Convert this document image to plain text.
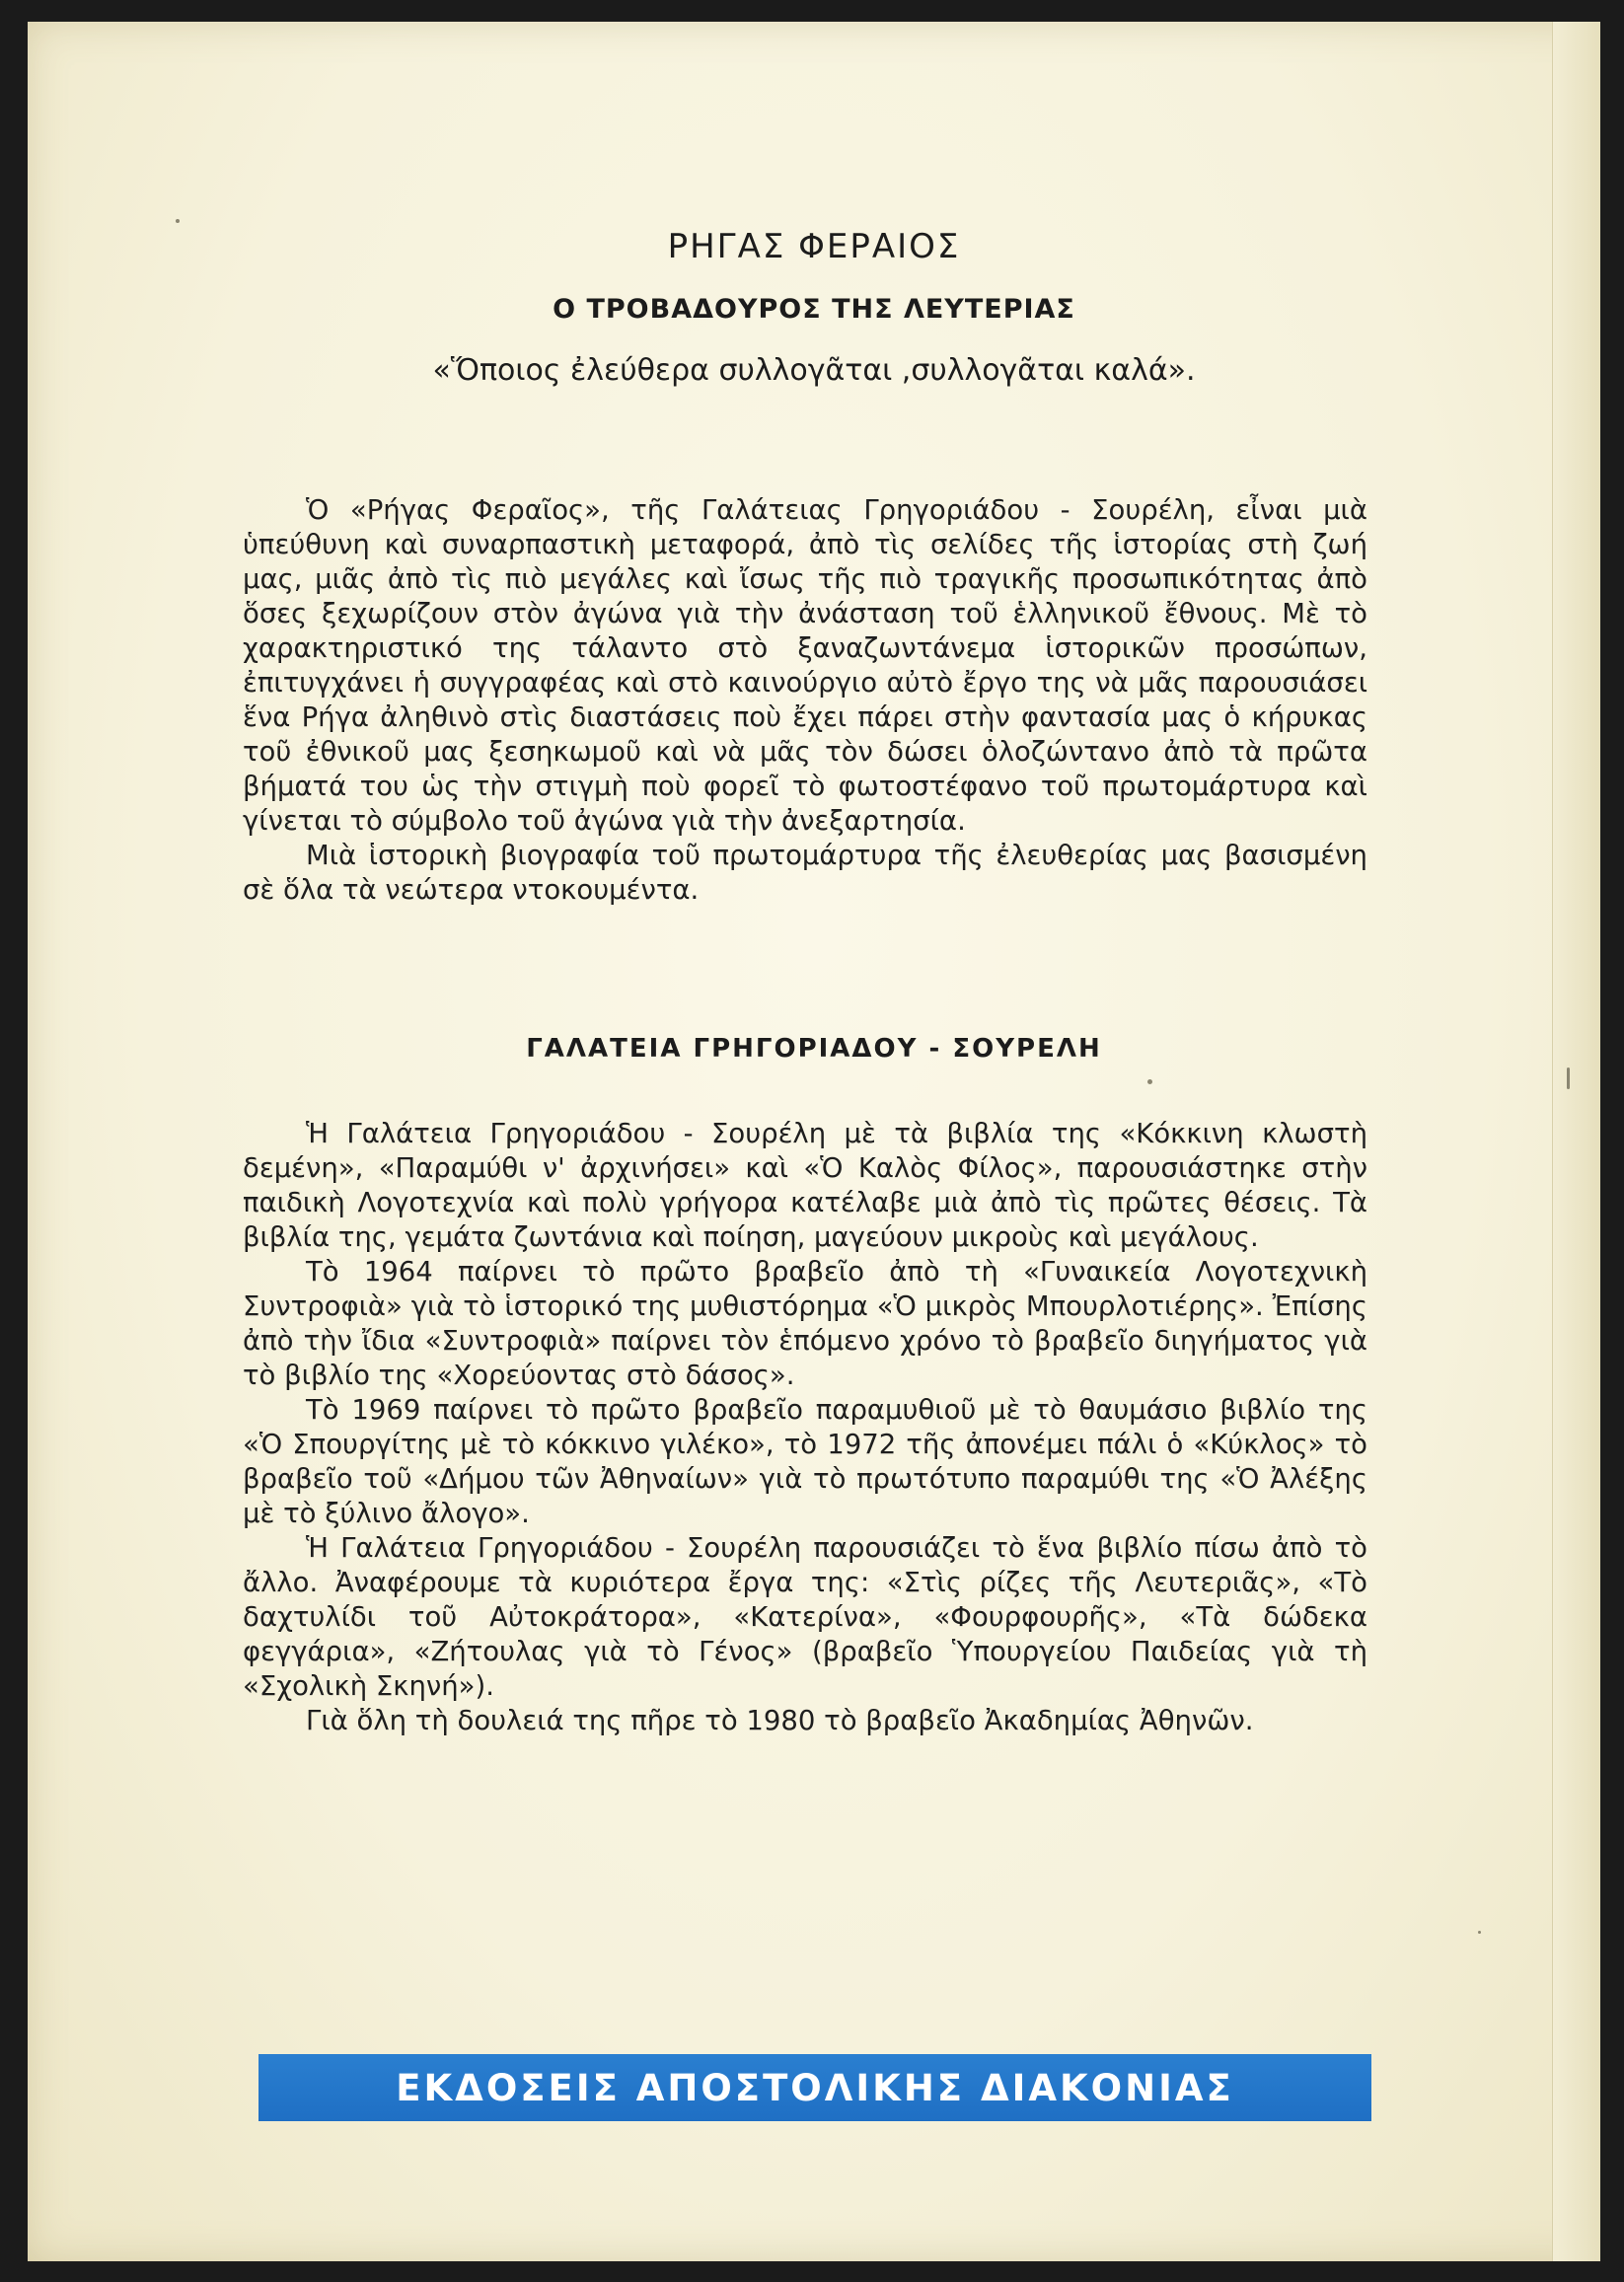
ΡΗΓΑΣ ΦΕΡΑΙΟΣ
Ο ΤΡΟΒΑΔΟΥΡΟΣ ΤΗΣ ΛΕΥΤΕΡΙΑΣ
«Ὅποιος ἐλεύθερα συλλογᾶται ,συλλογᾶται καλά».

Ὁ «Ρήγας Φεραῖος», τῆς Γαλάτειας Γρηγοριάδου - Σουρέλη, εἶναι μιὰ ὑπεύθυνη καὶ συναρπαστικὴ μεταφορά, ἀπὸ τὶς σελίδες τῆς ἱστορίας στὴ ζωή μας, μιᾶς ἀπὸ τὶς πιὸ μεγάλες καὶ ἴσως τῆς πιὸ τραγικῆς προσωπικότητας ἀπὸ ὅσες ξεχωρίζουν στὸν ἀγώνα γιὰ τὴν ἀνάσταση τοῦ ἑλληνικοῦ ἔθνους. Μὲ τὸ χαρακτηριστικό της τάλαντο στὸ ξαναζωντάνεμα ἱστορικῶν προσώπων, ἐπιτυγχάνει ἡ συγγραφέας καὶ στὸ καινούργιο αὐτὸ ἔργο της νὰ μᾶς παρουσιάσει ἕνα Ρήγα ἀληθινὸ στὶς διαστάσεις ποὺ ἔχει πάρει στὴν φαντασία μας ὁ κήρυκας τοῦ ἐθνικοῦ μας ξεσηκωμοῦ καὶ νὰ μᾶς τὸν δώσει ὁλοζώντανο ἀπὸ τὰ πρῶτα βήματά του ὡς τὴν στιγμὴ ποὺ φορεῖ τὸ φωτοστέφανο τοῦ πρωτομάρτυρα καὶ γίνεται τὸ σύμβολο τοῦ ἀγώνα γιὰ τὴν ἀνεξαρτησία.

Μιὰ ἱστορικὴ βιογραφία τοῦ πρωτομάρτυρα τῆς ἐλευθερίας μας βασισμένη σὲ ὅλα τὰ νεώτερα ντοκουμέντα.

ΓΑΛΑΤΕΙΑ ΓΡΗΓΟΡΙΑΔΟΥ - ΣΟΥΡΕΛΗ

Ἡ Γαλάτεια Γρηγοριάδου - Σουρέλη μὲ τὰ βιβλία της «Κόκκινη κλωστὴ δεμένη», «Παραμύθι ν' ἀρχινήσει» καὶ «Ὁ Καλὸς Φίλος», παρουσιάστηκε στὴν παιδικὴ Λογοτεχνία καὶ πολὺ γρήγορα κατέλαβε μιὰ ἀπὸ τὶς πρῶτες θέσεις. Τὰ βιβλία της, γεμάτα ζωντάνια καὶ ποίηση, μαγεύουν μικροὺς καὶ μεγάλους.

Τὸ 1964 παίρνει τὸ πρῶτο βραβεῖο ἀπὸ τὴ «Γυναικεία Λογοτεχνικὴ Συντροφιὰ» γιὰ τὸ ἱστορικό της μυθιστόρημα «Ὁ μικρὸς Μπουρλοτιέρης». Ἐπίσης ἀπὸ τὴν ἴδια «Συντροφιὰ» παίρνει τὸν ἑπόμενο χρόνο τὸ βραβεῖο διηγήματος γιὰ τὸ βιβλίο της «Χορεύοντας στὸ δάσος».

Τὸ 1969 παίρνει τὸ πρῶτο βραβεῖο παραμυθιοῦ μὲ τὸ θαυμάσιο βιβλίο της «Ὁ Σπουργίτης μὲ τὸ κόκκινο γιλέκο», τὸ 1972 τῆς ἀπονέμει πάλι ὁ «Κύκλος» τὸ βραβεῖο τοῦ «Δήμου τῶν Ἀθηναίων» γιὰ τὸ πρωτότυπο παραμύθι της «Ὁ Ἀλέξης μὲ τὸ ξύλινο ἄλογο».

Ἡ Γαλάτεια Γρηγοριάδου - Σουρέλη παρουσιάζει τὸ ἕνα βιβλίο πίσω ἀπὸ τὸ ἄλλο. Ἀναφέρουμε τὰ κυριότερα ἔργα της: «Στὶς ρίζες τῆς Λευτεριᾶς», «Τὸ δαχτυλίδι τοῦ Αὐτοκράτορα», «Κατερίνα», «Φουρφουρῆς», «Τὰ δώδεκα φεγγάρια», «Ζήτουλας γιὰ τὸ Γένος» (βραβεῖο Ὑπουργείου Παιδείας γιὰ τὴ «Σχολικὴ Σκηνή»).

Γιὰ ὅλη τὴ δουλειά της πῆρε τὸ 1980 τὸ βραβεῖο Ἀκαδημίας Ἀθηνῶν.

ΕΚΔΟΣΕΙΣ ΑΠΟΣΤΟΛΙΚΗΣ ΔΙΑΚΟΝΙΑΣ
